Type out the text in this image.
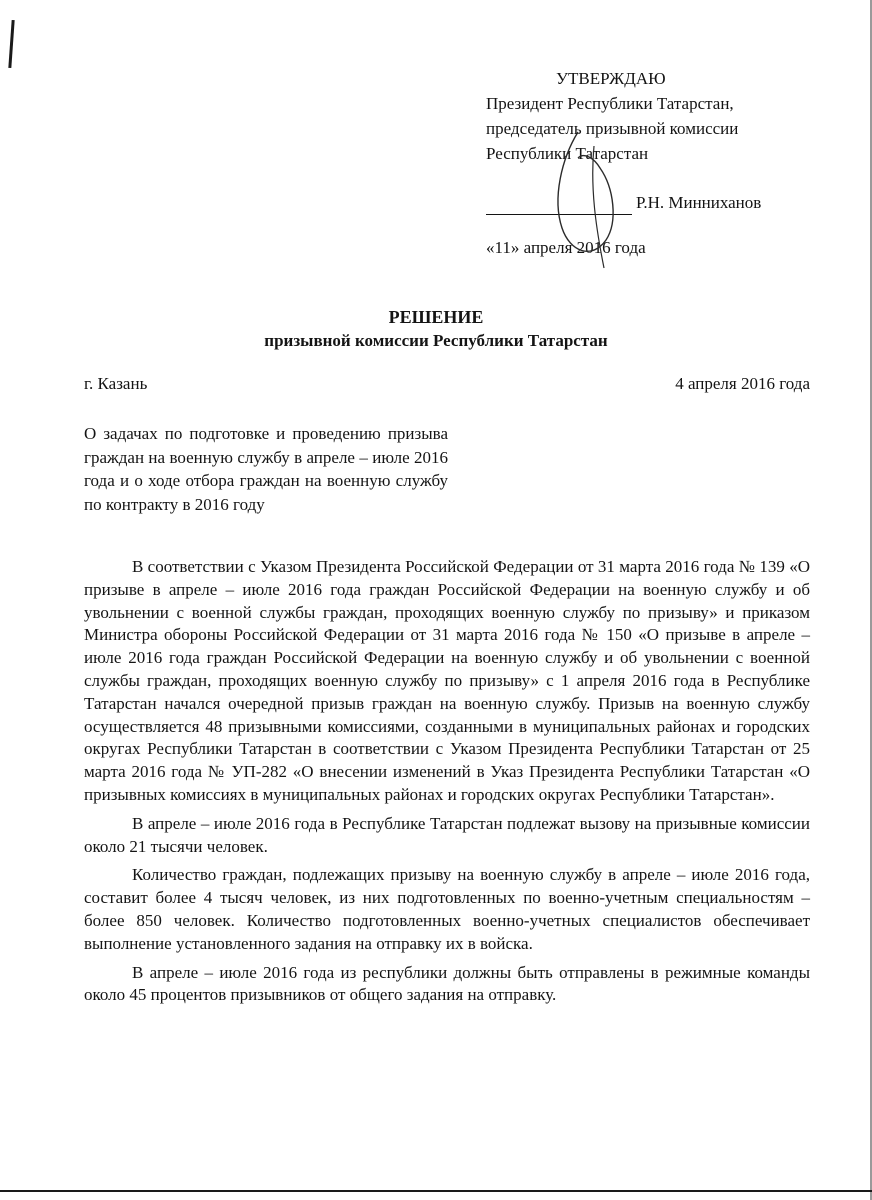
УТВЕРЖДАЮ
Президент Республики Татарстан,
председатель призывной комиссии
Республики Татарстан
Р.Н. Минниханов
«11» апреля 2016 года
РЕШЕНИЕ
призывной комиссии Республики Татарстан
г. Казань	4 апреля 2016 года
О задачах по подготовке и проведению призыва граждан на военную службу в апреле – июле 2016 года и о ходе отбора граждан на военную службу по контракту в 2016 году

В соответствии с Указом Президента Российской Федерации от 31 марта 2016 года № 139 «О призыве в апреле – июле 2016 года граждан Российской Федерации на военную службу и об увольнении с военной службы граждан, проходящих военную службу по призыву» и приказом Министра обороны Российской Федерации от 31 марта 2016 года № 150 «О призыве в апреле – июле 2016 года граждан Российской Федерации на военную службу и об увольнении с военной службы граждан, проходящих военную службу по призыву» с 1 апреля 2016 года в Республике Татарстан начался очередной призыв граждан на военную службу. Призыв на военную службу осуществляется 48 призывными комиссиями, созданными в муниципальных районах и городских округах Республики Татарстан в соответствии с Указом Президента Республики Татарстан от 25 марта 2016 года № УП-282 «О внесении изменений в Указ Президента Республики Татарстан «О призывных комиссиях в муниципальных районах и городских округах Республики Татарстан».

В апреле – июле 2016 года в Республике Татарстан подлежат вызову на призывные комиссии около 21 тысячи человек.

Количество граждан, подлежащих призыву на военную службу в апреле – июле 2016 года, составит более 4 тысяч человек, из них подготовленных по военно-учетным специальностям – более 850 человек. Количество подготовленных военно-учетных специалистов обеспечивает выполнение установленного задания на отправку их в войска.

В апреле – июле 2016 года из республики должны быть отправлены в режимные команды около 45 процентов призывников от общего задания на отправку.
